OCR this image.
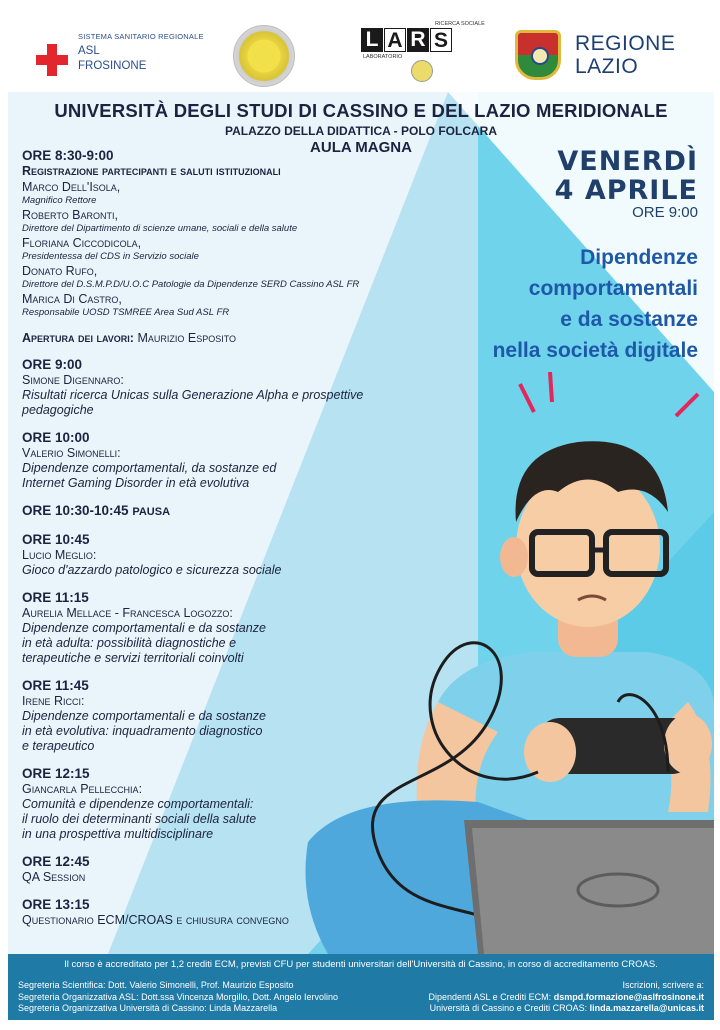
SISTEMA SANITARIO REGIONALE
ASL
FROSINONE
L A R S
RICERCA SOCIALE
LABORATORIO
REGIONE
LAZIO
UNIVERSITÀ DEGLI STUDI DI CASSINO E DEL LAZIO MERIDIONALE
PALAZZO DELLA DIDATTICA - POLO FOLCARA
AULA MAGNA	VENERDÌ
4 APRILE
ORE 9:00
Dipendenze
comportamentali
e da sostanze
nella società digitale
ORE 8:30-9:00
Registrazione partecipanti e saluti istituzionali
Marco Dell'Isola,
Magnifico Rettore
Roberto Baronti,
Direttore del Dipartimento di scienze umane, sociali e della salute
Floriana Ciccodicola,
Presidentessa del CDS in Servizio sociale
Donato Rufo,
Direttore del D.S.M.P.D/U.O.C Patologie da Dipendenze SERD Cassino ASL FR
Marica Di Castro,
Responsabile UOSD TSMREE Area Sud ASL FR
Apertura dei lavori: Maurizio Esposito
ORE 9:00
Simone Digennaro:
Risultati ricerca Unicas sulla Generazione Alpha e prospettive
pedagogiche
ORE 10:00
Valerio Simonelli:
Dipendenze comportamentali, da sostanze ed
Internet Gaming Disorder in età evolutiva
ORE 10:30-10:45 PAUSA
ORE 10:45
Lucio Meglio:
Gioco d'azzardo patologico e sicurezza sociale
ORE 11:15
Aurelia Mellace - Francesca Logozzo:
Dipendenze comportamentali e da sostanze
in età adulta: possibilità diagnostiche e
terapeutiche e servizi territoriali coinvolti
ORE 11:45
Irene Ricci:
Dipendenze comportamentali e da sostanze
in età evolutiva: inquadramento diagnostico
e terapeutico
ORE 12:15
Giancarla Pellecchia:
Comunità e dipendenze comportamentali:
il ruolo dei determinanti sociali della salute
in una prospettiva multidisciplinare
ORE 12:45
QA Session
ORE 13:15
Questionario ECM/CROAS e chiusura convegno
Il corso è accreditato per 1,2 crediti ECM, previsti CFU per studenti universitari dell'Università di Cassino, in corso di accreditamento CROAS.
Segreteria Scientifica: Dott. Valerio Simonelli, Prof. Maurizio Esposito
Segreteria Organizzativa ASL: Dott.ssa Vincenza Morgillo, Dott. Angelo Iervolino
Segreteria Organizzativa Università di Cassino: Linda Mazzarella
Iscrizioni, scrivere a:
Dipendenti ASL e Crediti ECM: dsmpd.formazione@aslfrosinone.it
Università di Cassino e Crediti CROAS: linda.mazzarella@unicas.it
